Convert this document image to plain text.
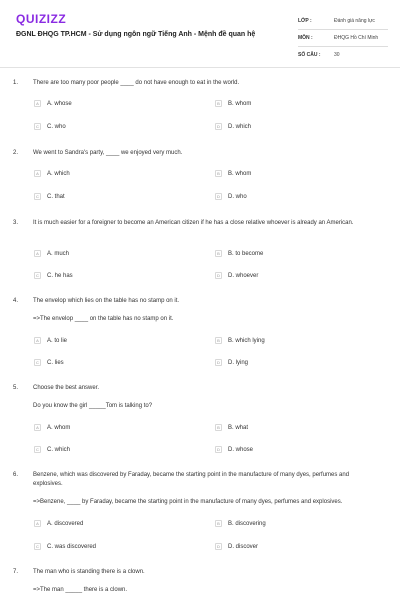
QUIZIZZ
ĐGNL ĐHQG TP.HCM - Sử dụng ngôn ngữ Tiếng Anh - Mệnh đề quan hệ
LỚP :	Đánh giá năng lực
MÔN :	ĐHQG Hồ Chí Minh
SỐ CÂU :	30
1. There are too many poor people ____ do not have enough to eat in the world.
A	A. whose	B	B. whom
C	C. who	D	D. which
2. We went to Sandra's party, ____ we enjoyed very much.
A	A. which	B	B. whom
C	C. that	D	D. who
3. It is much easier for a foreigner to become an American citizen if he has a close relative whoever is already an American.
A	A. much	B	B. to become
C	C. he has	D	D. whoever
4. The envelop which lies on the table has no stamp on it.
=>The envelop ____ on the table has no stamp on it.
A	A. to lie	B	B. which lying
C	C. lies	D	D. lying
5. Choose the best answer.
Do you know the girl _____Tom is talking to?
A	A. whom	B	B. what
C	C. which	D	D. whose
6. Benzene, which was discovered by Faraday, became the starting point in the manufacture of many dyes, perfumes and explosives.
=>Benzene, ____ by Faraday, became the starting point in the manufacture of many dyes, perfumes and explosives.
A	A. discovered	B	B. discovering
C	C. was discovered	D	D. discover
7. The man who is standing there is a clown.
=>The man _____ there is a clown.
